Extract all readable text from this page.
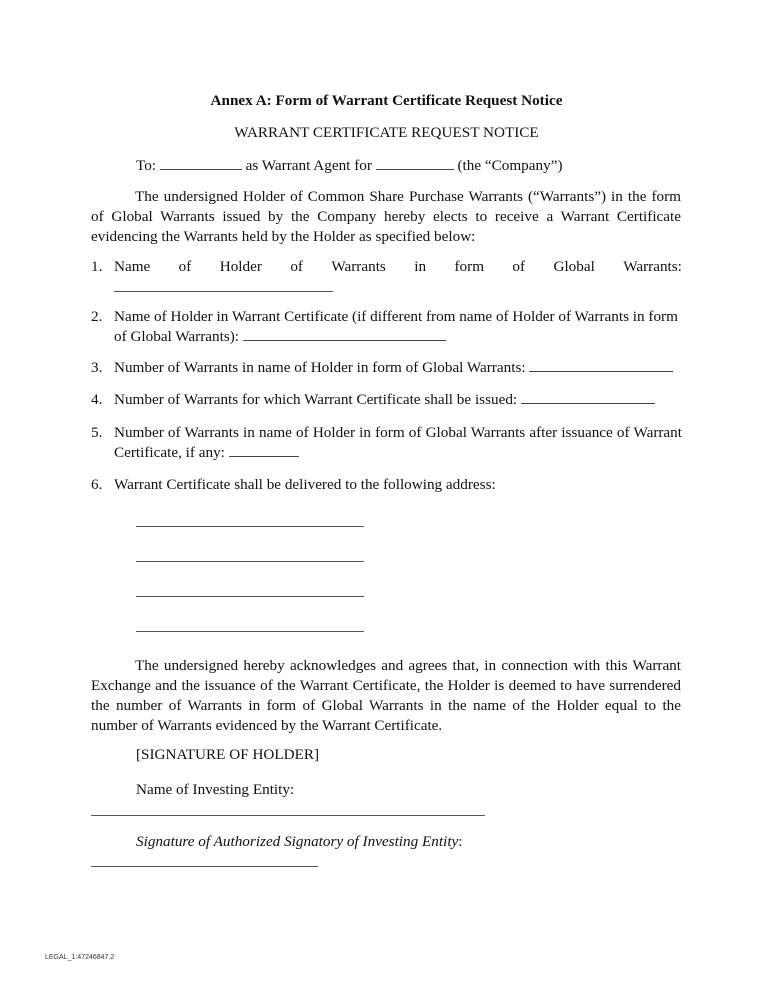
Annex A: Form of Warrant Certificate Request Notice
WARRANT CERTIFICATE REQUEST NOTICE
To:	as Warrant Agent for	(the “Company”)
The undersigned Holder of Common Share Purchase Warrants (“Warrants”) in the form of Global Warrants issued by the Company hereby elects to receive a Warrant Certificate evidencing the Warrants held by the Holder as specified below:
1. Name of Holder of Warrants in form of Global Warrants:
2. Name of Holder in Warrant Certificate (if different from name of Holder of Warrants in form of Global Warrants):
3. Number of Warrants in name of Holder in form of Global Warrants:
4. Number of Warrants for which Warrant Certificate shall be issued:
5. Number of Warrants in name of Holder in form of Global Warrants after issuance of Warrant Certificate, if any:
6. Warrant Certificate shall be delivered to the following address:
The undersigned hereby acknowledges and agrees that, in connection with this Warrant Exchange and the issuance of the Warrant Certificate, the Holder is deemed to have surrendered the number of Warrants in form of Global Warrants in the name of the Holder equal to the number of Warrants evidenced by the Warrant Certificate.
[SIGNATURE OF HOLDER]
Name of Investing Entity:
Signature of Authorized Signatory of Investing Entity:
LEGAL_1:47246847.2
